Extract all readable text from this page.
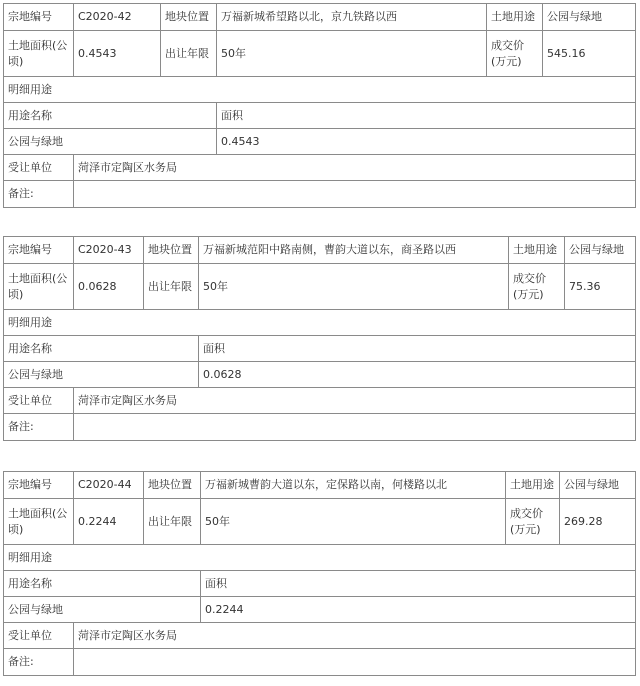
宗地编号	C2020-42	地块位置	万福新城希望路以北，京九铁路以西	土地用途	公园与绿地
土地面积(公顷)	0.4543	出让年限	50年	成交价(万元)	545.16
明细用途					
用途名称			面积		
公园与绿地			0.4543		
受让单位	菏泽市定陶区水务局				
备注:					
宗地编号	C2020-43	地块位置	万福新城范阳中路南侧，曹韵大道以东，商圣路以西	土地用途	公园与绿地
土地面积(公顷)	0.0628	出让年限	50年	成交价(万元)	75.36
明细用途					
用途名称			面积		
公园与绿地			0.0628		
受让单位	菏泽市定陶区水务局				
备注:					
宗地编号	C2020-44	地块位置	万福新城曹韵大道以东，定保路以南，何楼路以北	土地用途	公园与绿地
土地面积(公顷)	0.2244	出让年限	50年	成交价(万元)	269.28
明细用途					
用途名称			面积		
公园与绿地			0.2244		
受让单位	菏泽市定陶区水务局				
备注:					
